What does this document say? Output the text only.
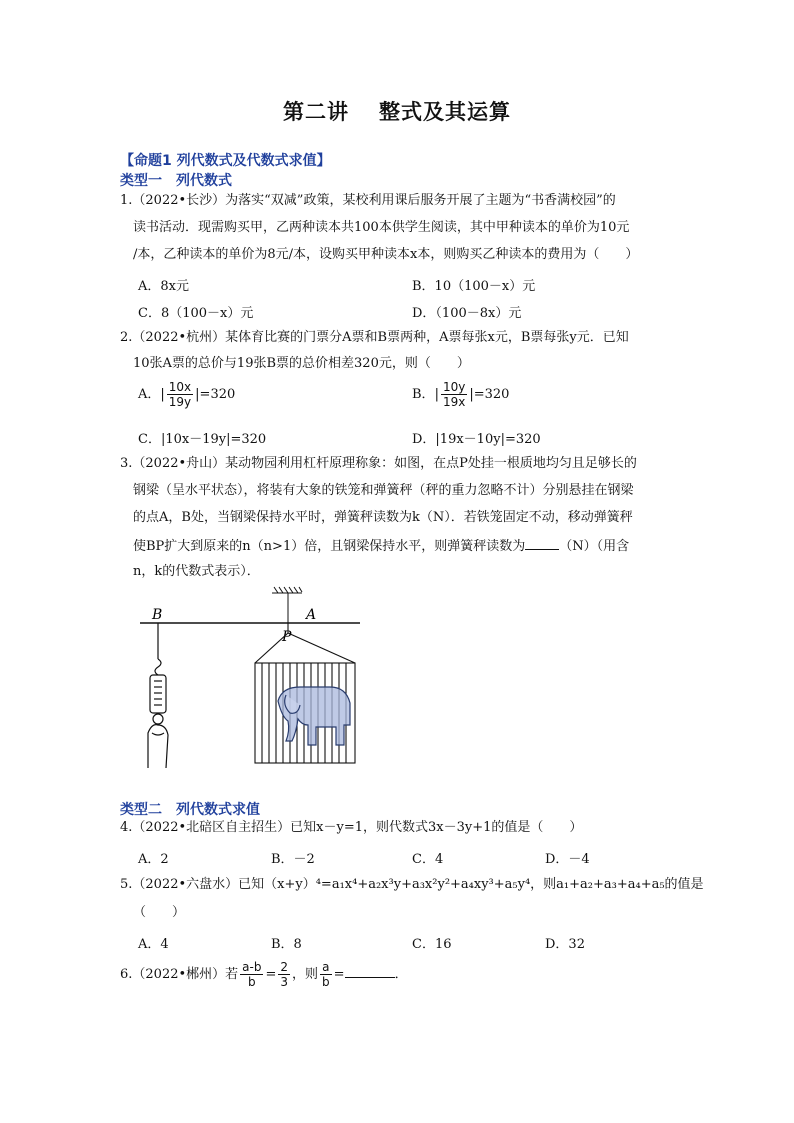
第二讲 整式及其运算
【命题1 列代数式及代数式求值】
类型一　列代数式
1.（2022•长沙）为落实“双减”政策，某校利用课后服务开展了主题为“书香满校园”的
读书活动．现需购买甲，乙两种读本共100本供学生阅读，其中甲种读本的单价为10元
/本，乙种读本的单价为8元/本，设购买甲种读本x本，则购买乙种读本的费用为（　　）
A．8x元	B．10（100－x）元
C．8（100－x）元	D．（100－8x）元
2.（2022•杭州）某体育比赛的门票分A票和B票两种，A票每张x元，B票每张y元．已知
10张A票的总价与19张B票的总价相差320元，则（　　）
A．| $\frac{10x}{19y} |=320$	B．| $\frac{10y}{19x} |=320$
C．|10x－19y|=320	D．|19x－10y|=320
3.（2022•舟山）某动物园利用杠杆原理称象：如图，在点P处挂一根质地均匀且足够长的
钢梁（呈水平状态），将装有大象的铁笼和弹簧秤（秤的重力忽略不计）分别悬挂在钢梁
的点A，B处，当钢梁保持水平时，弹簧秤读数为k（N）．若铁笼固定不动，移动弹簧秤
使BP扩大到原来的n（n>1）倍，且钢梁保持水平，则弹簧秤读数为	（N）（用含
n，k的代数式表示）．
B	A
P
类型二　列代数式求值
4.（2022•北碚区自主招生）已知x－y=1，则代数式3x－3y+1的值是（　　）
A．2	B．－2	C．4	D．－4
5.（2022•六盘水）已知（x+y）⁴=a₁x⁴+a₂x³y+a₃x²y²+a₄xy³+a₅y⁴，则a₁+a₂+a₃+a₄+a₅的值是
（　　）
A．4	B．8	C．16	D．32
6.（2022•郴州）若 $\frac{a-b}{b} = \frac{2}{3}$ ，则 $\frac{a}{b}$ =	．
